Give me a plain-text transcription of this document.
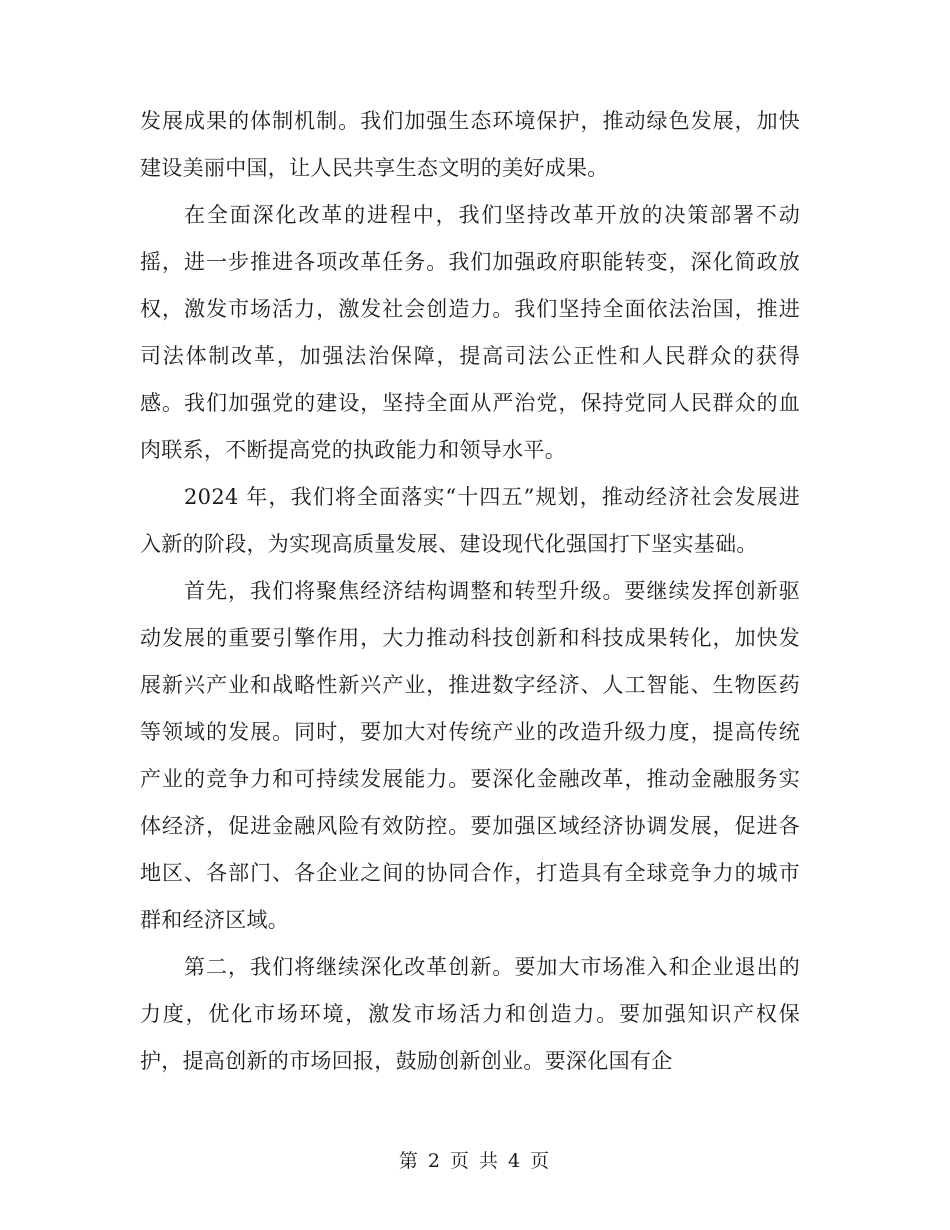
发展成果的体制机制。我们加强生态环境保护，推动绿色发展，加快建设美丽中国，让人民共享生态文明的美好成果。

在全面深化改革的进程中，我们坚持改革开放的决策部署不动摇，进一步推进各项改革任务。我们加强政府职能转变，深化简政放权，激发市场活力，激发社会创造力。我们坚持全面依法治国，推进司法体制改革，加强法治保障，提高司法公正性和人民群众的获得感。我们加强党的建设，坚持全面从严治党，保持党同人民群众的血肉联系，不断提高党的执政能力和领导水平。

2024 年，我们将全面落实“十四五”规划，推动经济社会发展进入新的阶段，为实现高质量发展、建设现代化强国打下坚实基础。

首先，我们将聚焦经济结构调整和转型升级。要继续发挥创新驱动发展的重要引擎作用，大力推动科技创新和科技成果转化，加快发展新兴产业和战略性新兴产业，推进数字经济、人工智能、生物医药等领域的发展。同时，要加大对传统产业的改造升级力度，提高传统产业的竞争力和可持续发展能力。要深化金融改革，推动金融服务实体经济，促进金融风险有效防控。要加强区域经济协调发展，促进各地区、各部门、各企业之间的协同合作，打造具有全球竞争力的城市群和经济区域。

第二，我们将继续深化改革创新。要加大市场准入和企业退出的力度，优化市场环境，激发市场活力和创造力。要加强知识产权保护，提高创新的市场回报，鼓励创新创业。要深化国有企

第 2 页 共 4 页
